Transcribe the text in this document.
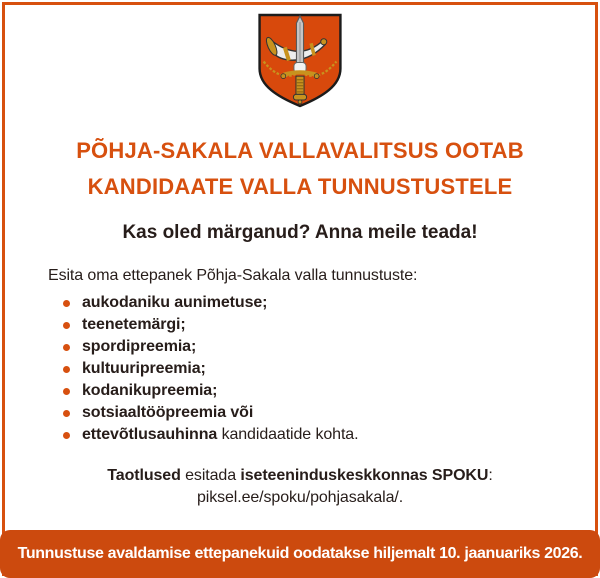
PÕHJA-SAKALA VALLAVALITSUS OOTAB
KANDIDAATE VALLA TUNNUSTUSTELE
Kas oled märganud? Anna meile teada!

Esita oma ettepanek Põhja-Sakala valla tunnustuste:

aukodaniku aunimetuse;
teenetemärgi;
spordipreemia;
kultuuripreemia;
kodanikupreemia;
sotsiaaltööpreemia või
ettevõtlusauhinna kandidaatide kohta.
Taotlused esitada iseteeninduskeskkonnas SPOKU:
piksel.ee/spoku/pohjasakala/.
Tunnustuse avaldamise ettepanekuid oodatakse hiljemalt 10. jaanuariks 2026.
